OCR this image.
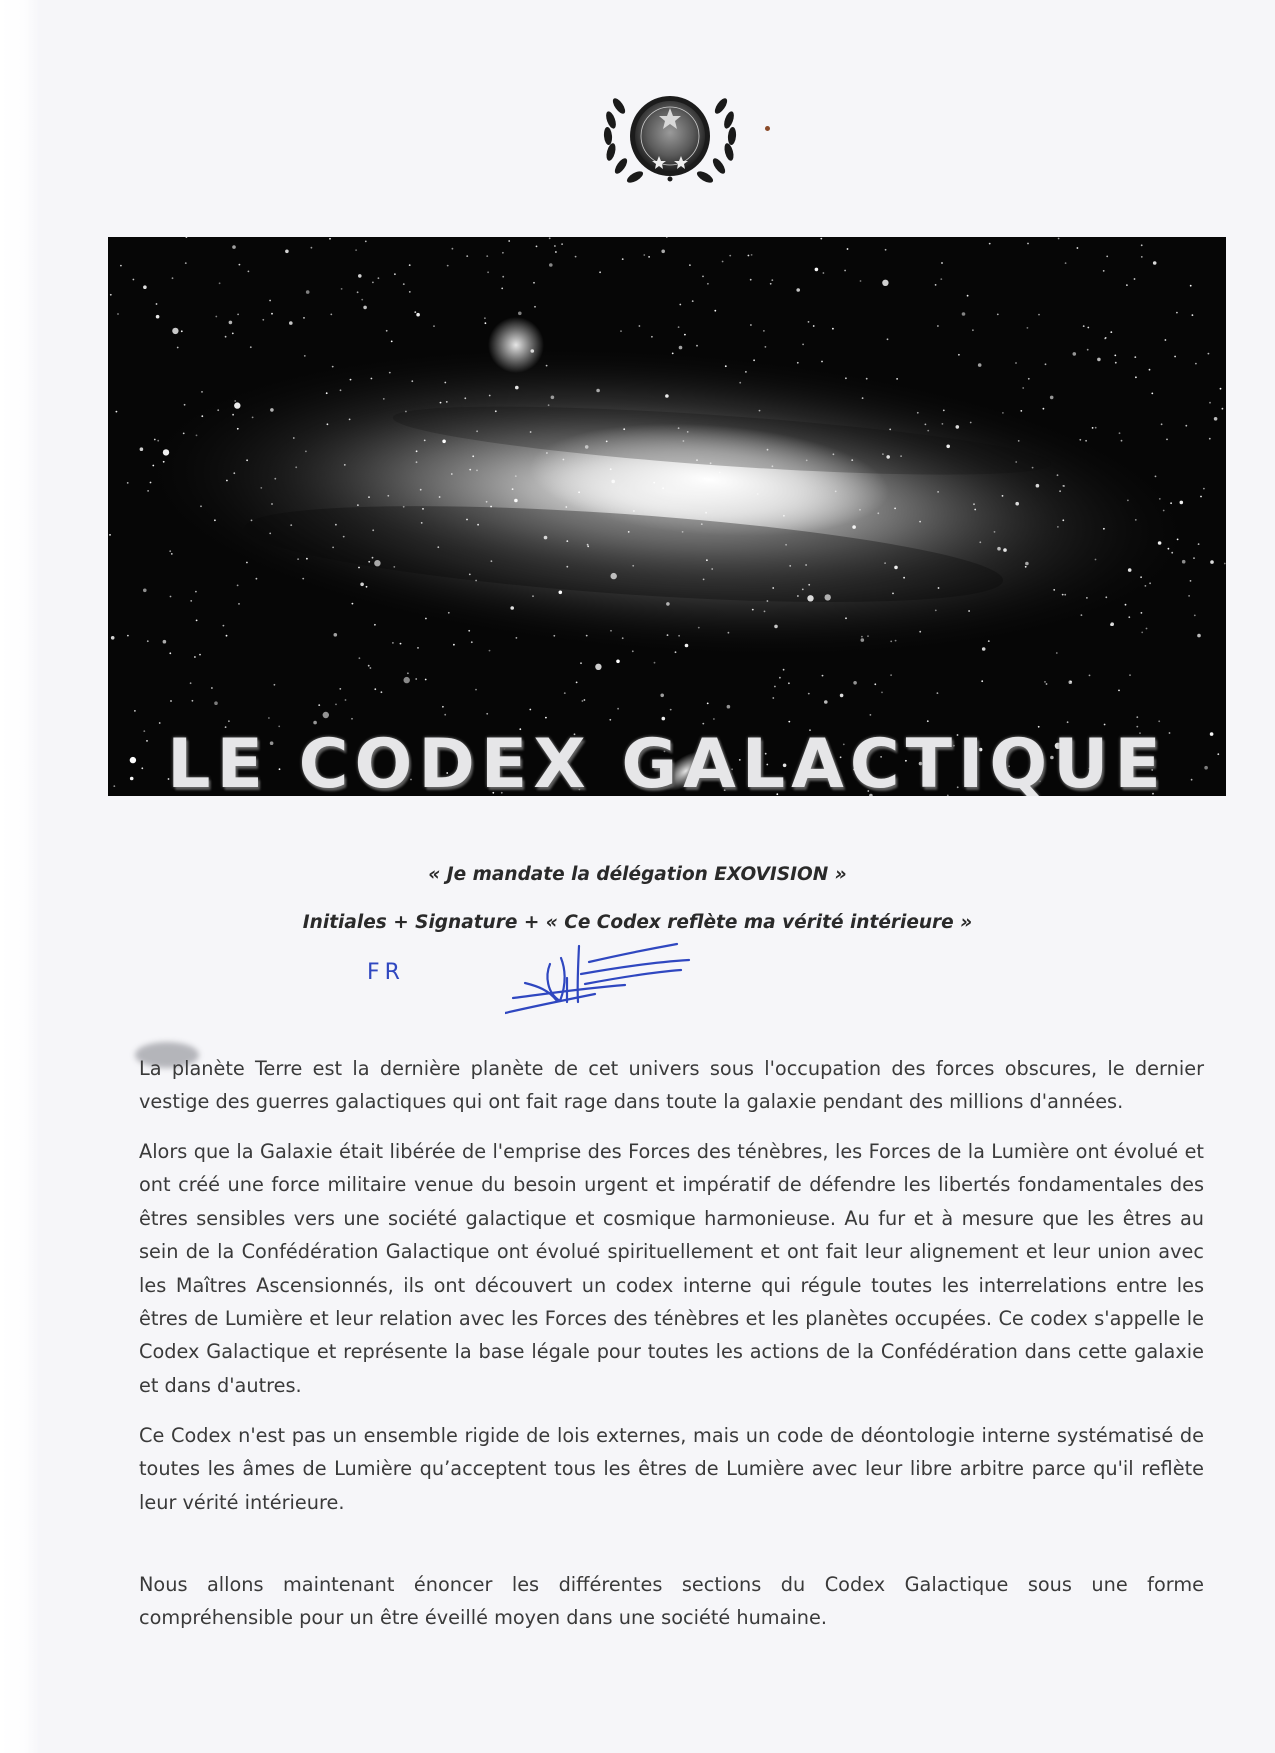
LE CODEX GALACTIQUE
« Je mandate la délégation EXOVISION »
Initiales + Signature + « Ce Codex reflète ma vérité intérieure »
FR

La planète Terre est la dernière planète de cet univers sous l'occupation des forces obscures, le dernier vestige des guerres galactiques qui ont fait rage dans toute la galaxie pendant des millions d'années.

Alors que la Galaxie était libérée de l'emprise des Forces des ténèbres, les Forces de la Lumière ont évolué et ont créé une force militaire venue du besoin urgent et impératif de défendre les libertés fondamentales des êtres sensibles vers une société galactique et cosmique harmonieuse. Au fur et à mesure que les êtres au sein de la Confédération Galactique ont évolué spirituellement et ont fait leur alignement et leur union avec les Maîtres Ascensionnés, ils ont découvert un codex interne qui régule toutes les interrelations entre les êtres de Lumière et leur relation avec les Forces des ténèbres et les planètes occupées. Ce codex s'appelle le Codex Galactique et représente la base légale pour toutes les actions de la Confédération dans cette galaxie et dans d'autres.

Ce Codex n'est pas un ensemble rigide de lois externes, mais un code de déontologie interne systématisé de toutes les âmes de Lumière qu’acceptent tous les êtres de Lumière avec leur libre arbitre parce qu'il reflète leur vérité intérieure.

Nous allons maintenant énoncer les différentes sections du Codex Galactique sous une forme compréhensible pour un être éveillé moyen dans une société humaine.
